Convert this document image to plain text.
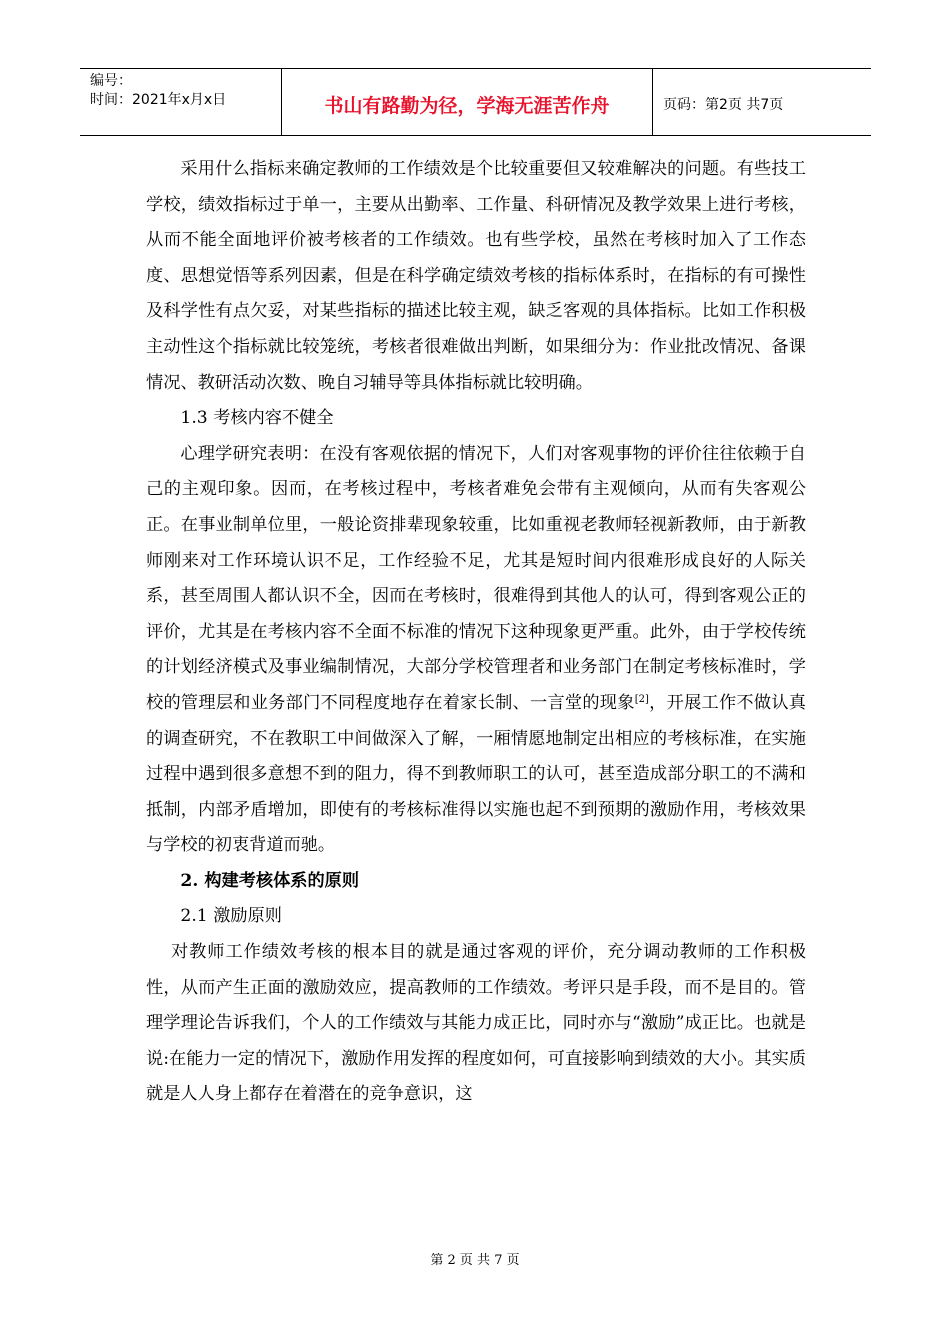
编号：
时间：2021年x月x日	书山有路勤为径，学海无涯苦作舟	页码：第2页 共7页

采用什么指标来确定教师的工作绩效是个比较重要但又较难解决的问题。有些技工学校，绩效指标过于单一，主要从出勤率、工作量、科研情况及教学效果上进行考核，从而不能全面地评价被考核者的工作绩效。也有些学校，虽然在考核时加入了工作态度、思想觉悟等系列因素，但是在科学确定绩效考核的指标体系时，在指标的有可操性及科学性有点欠妥，对某些指标的描述比较主观，缺乏客观的具体指标。比如工作积极主动性这个指标就比较笼统，考核者很难做出判断，如果细分为：作业批改情况、备课情况、教研活动次数、晚自习辅导等具体指标就比较明确。

1.3 考核内容不健全

心理学研究表明：在没有客观依据的情况下，人们对客观事物的评价往往依赖于自己的主观印象。因而，在考核过程中，考核者难免会带有主观倾向，从而有失客观公正。在事业制单位里，一般论资排辈现象较重，比如重视老教师轻视新教师，由于新教师刚来对工作环境认识不足，工作经验不足，尤其是短时间内很难形成良好的人际关系，甚至周围人都认识不全，因而在考核时，很难得到其他人的认可，得到客观公正的评价，尤其是在考核内容不全面不标准的情况下这种现象更严重。此外，由于学校传统的计划经济模式及事业编制情况，大部分学校管理者和业务部门在制定考核标准时，学校的管理层和业务部门不同程度地存在着家长制、一言堂的现象[2]，开展工作不做认真的调查研究，不在教职工中间做深入了解，一厢情愿地制定出相应的考核标准，在实施过程中遇到很多意想不到的阻力，得不到教师职工的认可，甚至造成部分职工的不满和抵制，内部矛盾增加，即使有的考核标准得以实施也起不到预期的激励作用，考核效果与学校的初衷背道而驰。

2. 构建考核体系的原则

2.1 激励原则

对教师工作绩效考核的根本目的就是通过客观的评价，充分调动教师的工作积极性，从而产生正面的激励效应，提高教师的工作绩效。考评只是手段，而不是目的。管理学理论告诉我们，个人的工作绩效与其能力成正比，同时亦与“激励”成正比。也就是说:在能力一定的情况下，激励作用发挥的程度如何，可直接影响到绩效的大小。其实质就是人人身上都存在着潜在的竞争意识，这

第 2 页 共 7 页
